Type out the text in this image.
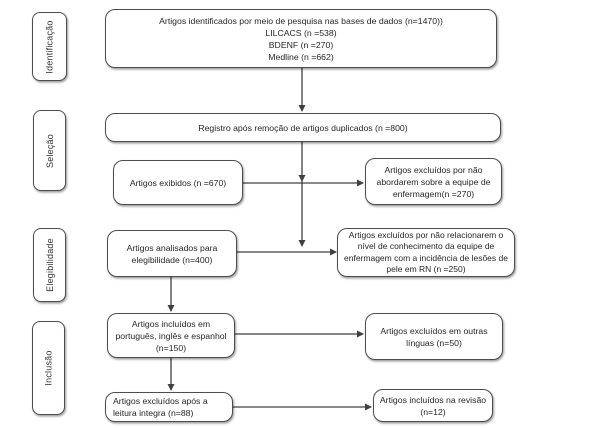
Identificação
Seleção
Elegibilidade
Inclusão
Artigos identificados por meio de pesquisa nas bases de dados (n=1470))
LILCACS (n =538)
BDENF (n =270)
Medline (n =662)
Registro após remoção de artigos duplicados (n =800)
Artigos exibidos (n =670)
Artigos excluídos por não abordarem sobre a equipe de enfermagem(n =270)
Artigos analisados para elegibilidade (n=400)
Artigos excluídos por não relacionarem o nível de conhecimento da equipe de enfermagem com a incidência de lesões de pele em RN (n =250)
Artigos incluídos em português, inglês e espanhol (n=150)
Artigos excluídos em outras línguas (n=50)
Artigos excluídos após a leitura integra (n=88)
Artigos incluídos na revisão (n=12)
